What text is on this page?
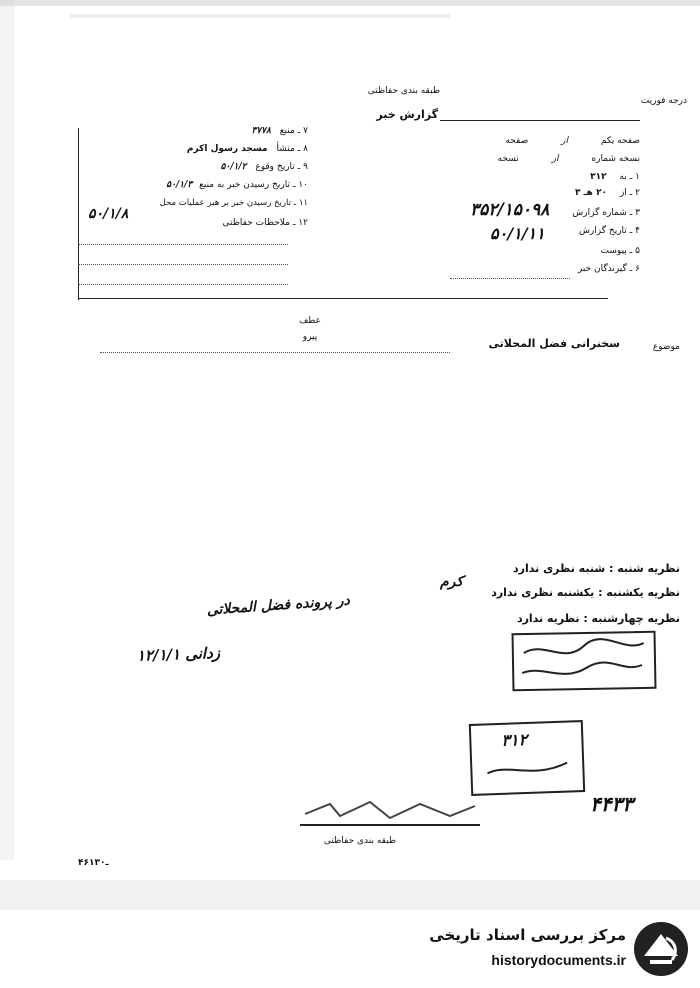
طبقه بندی حفاظتی
گزارش خبر
درجه فوریت
۷ ـ منبع ۳۷۷۸
۸ ـ منشأ مسجد رسول اکرم
۹ ـ تاریخ وقوع ۵۰/۱/۲
۱۰ ـ تاریخ رسیدن خبر به منبع ۵۰/۱/۳
۱۱ ـ تاریخ رسیدن خبر بر هبر عملیات محل
۵۰/۱/۸
۱۲ ـ ملاحظات حفاظتی
صفحه یکم از صفحه
نسخه شماره از نسخه
۱ ـ به ۳۱۲
۲ ـ از ۲۰ هـ ۳
۳ ـ شماره گزارش
۳۵۲/۱۵۰۹۸
۴ ـ تاریخ گزارش
۵۰/۱/۱۱
۵ ـ پیوست
۶ ـ گیرندگان خبر
موضوع
سخنرانی فضل المحلاتی
عطف
پیرو
نظریه شنبه : شنبه نظری ندارد
نظریه یکشنبه : یکشنبه نظری ندارد
کرم
نظریه چهارشنبه : نظریه ندارد
در پرونده فضل المحلاتی
زدانی ۱۲/۱/۱
۳۱۲
۴۴۳۳
طبقه بندی حفاظتی
۴۶ـ۱۳۰
مرکز بررسی اسناد تاریخی
historydocuments.ir
